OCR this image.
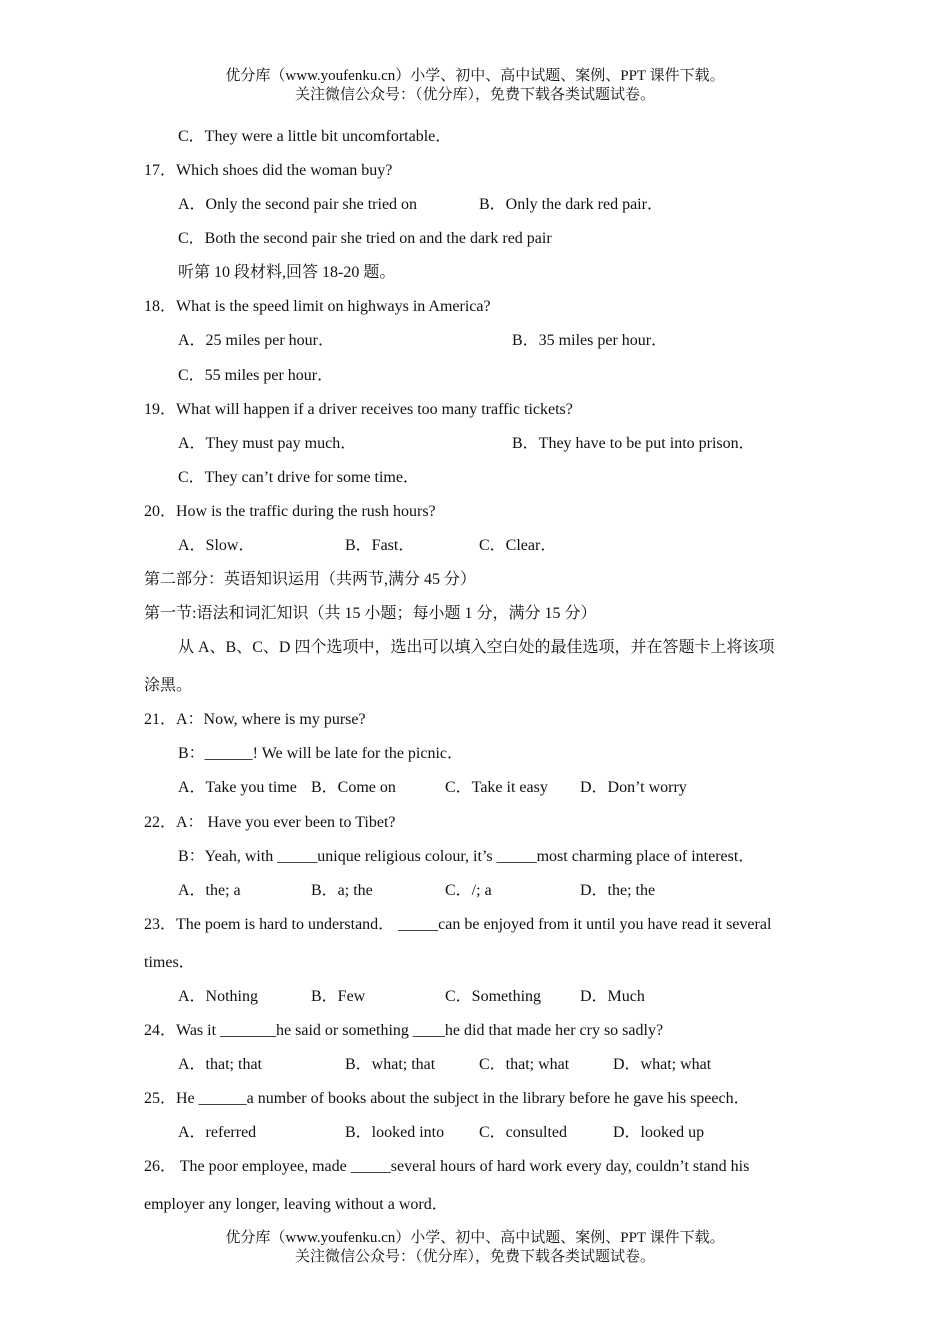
优分库（www.youfenku.cn）小学、初中、高中试题、案例、PPT 课件下载。
关注微信公众号：（优分库），免费下载各类试题试卷。
C．They were a little bit uncomfortable．
17．Which shoes did the woman buy?
A．Only the second pair she tried on	B．Only the dark red pair．
C．Both the second pair she tried on and the dark red pair
听第 10 段材料,回答 18-20 题。
18．What is the speed limit on highways in America?
A．25 miles per hour．	B．35 miles per hour．
C．55 miles per hour．
19．What will happen if a driver receives too many traffic tickets?
A．They must pay much．	B．They have to be put into prison．
C．They can’t drive for some time．
20．How is the traffic during the rush hours?
A．Slow．	B．Fast．	C．Clear．
第二部分：英语知识运用（共两节,满分 45 分）
第一节:语法和词汇知识（共 15 小题；每小题 1 分，满分 15 分）
从 A、B、C、D 四个选项中，选出可以填入空白处的最佳选项，并在答题卡上将该项
涂黑。
21．A：Now, where is my purse?
B：______! We will be late for the picnic．
A．Take you time B．Come on	C．Take it easy D．Don’t worry
22．A： Have you ever been to Tibet?
B：Yeah, with _____unique religious colour, it’s _____most charming place of interest．
A．the; a	B．a; the	C．/; a	D．the; the
23．The poem is hard to understand． _____can be enjoyed from it until you have read it several
times．
A．Nothing	B．Few	C．Something D．Much
24．Was it _______he said or something ____he did that made her cry so sadly?
A．that; that	B．what; that	C．that; what	D．what; what
25．He ______a number of books about the subject in the library before he gave his speech．
A．referred	B．looked into C．consulted	D．looked up
26． The poor employee, made _____several hours of hard work every day, couldn’t stand his
employer any longer, leaving without a word．
优分库（www.youfenku.cn）小学、初中、高中试题、案例、PPT 课件下载。
关注微信公众号：（优分库），免费下载各类试题试卷。
